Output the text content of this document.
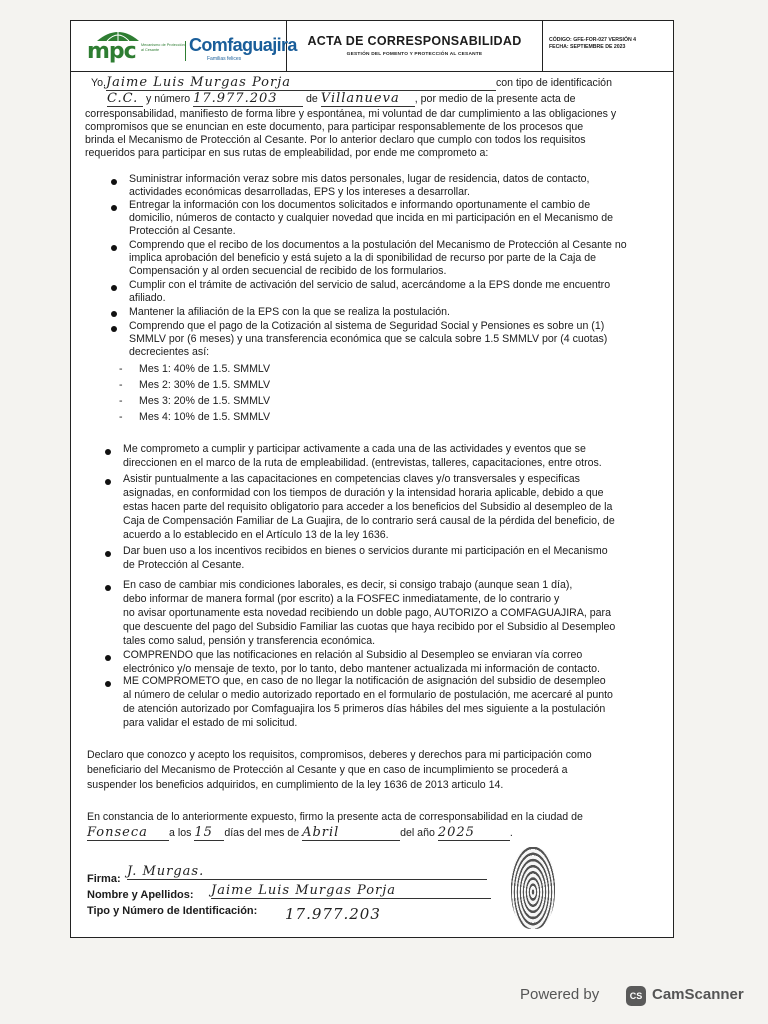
mpc Mecanismo de Protección al Cesante	Comfaguajira
Familias felices
ACTA DE CORRESPONSABILIDAD
GESTIÓN DEL FOMENTO Y PROTECCIÓN AL CESANTE
CÓDIGO: GFE-FOR-027 VERSIÓN 4
FECHA: SEPTIEMBRE DE 2023
Yo.Jaime Luis Murgas Porja	con tipo de identificación
C.C. y número 17.977.203	de Villanueva , por medio de la presente acta de
corresponsabilidad, manifiesto de forma libre y espontánea, mi voluntad de dar cumplimiento a las obligaciones y
compromisos que se enuncian en este documento, para participar responsablemente de los procesos que
brinda el Mecanismo de Protección al Cesante. Por lo anterior declaro que cumplo con todos los requisitos
requeridos para participar en sus rutas de empleabilidad, por ende me comprometo a:
Suministrar información veraz sobre mis datos personales, lugar de residencia, datos de contacto,
actividades económicas desarrolladas, EPS y los intereses a desarrollar.
Entregar la información con los documentos solicitados e informando oportunamente el cambio de
domicilio, números de contacto y cualquier novedad que incida en mi participación en el Mecanismo de
Protección al Cesante.
Comprendo que el recibo de los documentos a la postulación del Mecanismo de Protección al Cesante no
implica aprobación del beneficio y está sujeto a la di sponibilidad de recurso por parte de la Caja de
Compensación y al orden secuencial de recibido de los formularios.
Cumplir con el trámite de activación del servicio de salud, acercándome a la EPS donde me encuentro
afiliado.
Mantener la afiliación de la EPS con la que se realiza la postulación.
Comprendo que el pago de la Cotización al sistema de Seguridad Social y Pensiones es sobre un (1)
SMMLV por (6 meses) y una transferencia económica que se calcula sobre 1.5 SMMLV por (4 cuotas)
decrecientes así:
- Mes 1: 40% de 1.5. SMMLV
- Mes 2: 30% de 1.5. SMMLV
- Mes 3: 20% de 1.5. SMMLV
- Mes 4: 10% de 1.5. SMMLV
Me comprometo a cumplir y participar activamente a cada una de las actividades y eventos que se
direccionen en el marco de la ruta de empleabilidad. (entrevistas, talleres, capacitaciones, entre otros.
Asistir puntualmente a las capacitaciones en competencias claves y/o transversales y especificas
asignadas, en conformidad con los tiempos de duración y la intensidad horaria aplicable, debido a que
estas hacen parte del requisito obligatorio para acceder a los beneficios del Subsidio al desempleo de la
Caja de Compensación Familiar de La Guajira, de lo contrario será causal de la pérdida del beneficio, de
acuerdo a lo establecido en el Artículo 13 de la ley 1636.
Dar buen uso a los incentivos recibidos en bienes o servicios durante mi participación en el Mecanismo
de Protección al Cesante.
En caso de cambiar mis condiciones laborales, es decir, si consigo trabajo (aunque sean 1 día),
debo informar de manera formal (por escrito) a la FOSFEC inmediatamente, de lo contrario y
no avisar oportunamente esta novedad recibiendo un doble pago, AUTORIZO a COMFAGUAJIRA, para
que descuente del pago del Subsidio Familiar las cuotas que haya recibido por el Subsidio al Desempleo
tales como salud, pensión y transferencia económica.
COMPRENDO que las notificaciones en relación al Subsidio al Desempleo se enviaran vía correo
electrónico y/o mensaje de texto, por lo tanto, debo mantener actualizada mi información de contacto.
ME COMPROMETO que, en caso de no llegar la notificación de asignación del subsidio de desempleo
al número de celular o medio autorizado reportado en el formulario de postulación, me acercaré al punto
de atención autorizado por Comfaguajira los 5 primeros días hábiles del mes siguiente a la postulación
para validar el estado de mi solicitud.
Declaro que conozco y acepto los requisitos, compromisos, deberes y derechos para mi participación como
beneficiario del Mecanismo de Protección al Cesante y que en caso de incumplimiento se procederá a
suspender los beneficios adquiridos, en cumplimiento de la ley 1636 de 2013 articulo 14.
En constancia de lo anteriormente expuesto, firmo la presente acta de corresponsabilidad en la ciudad de
Fonseca a los 15 días del mes de Abril	del año 2025	.
Firma: J. Murgas.
Nombre y Apellidos: Jaime Luis Murgas Porja
Tipo y Número de Identificación: 17.977.203
Powered by	CS CamScanner
